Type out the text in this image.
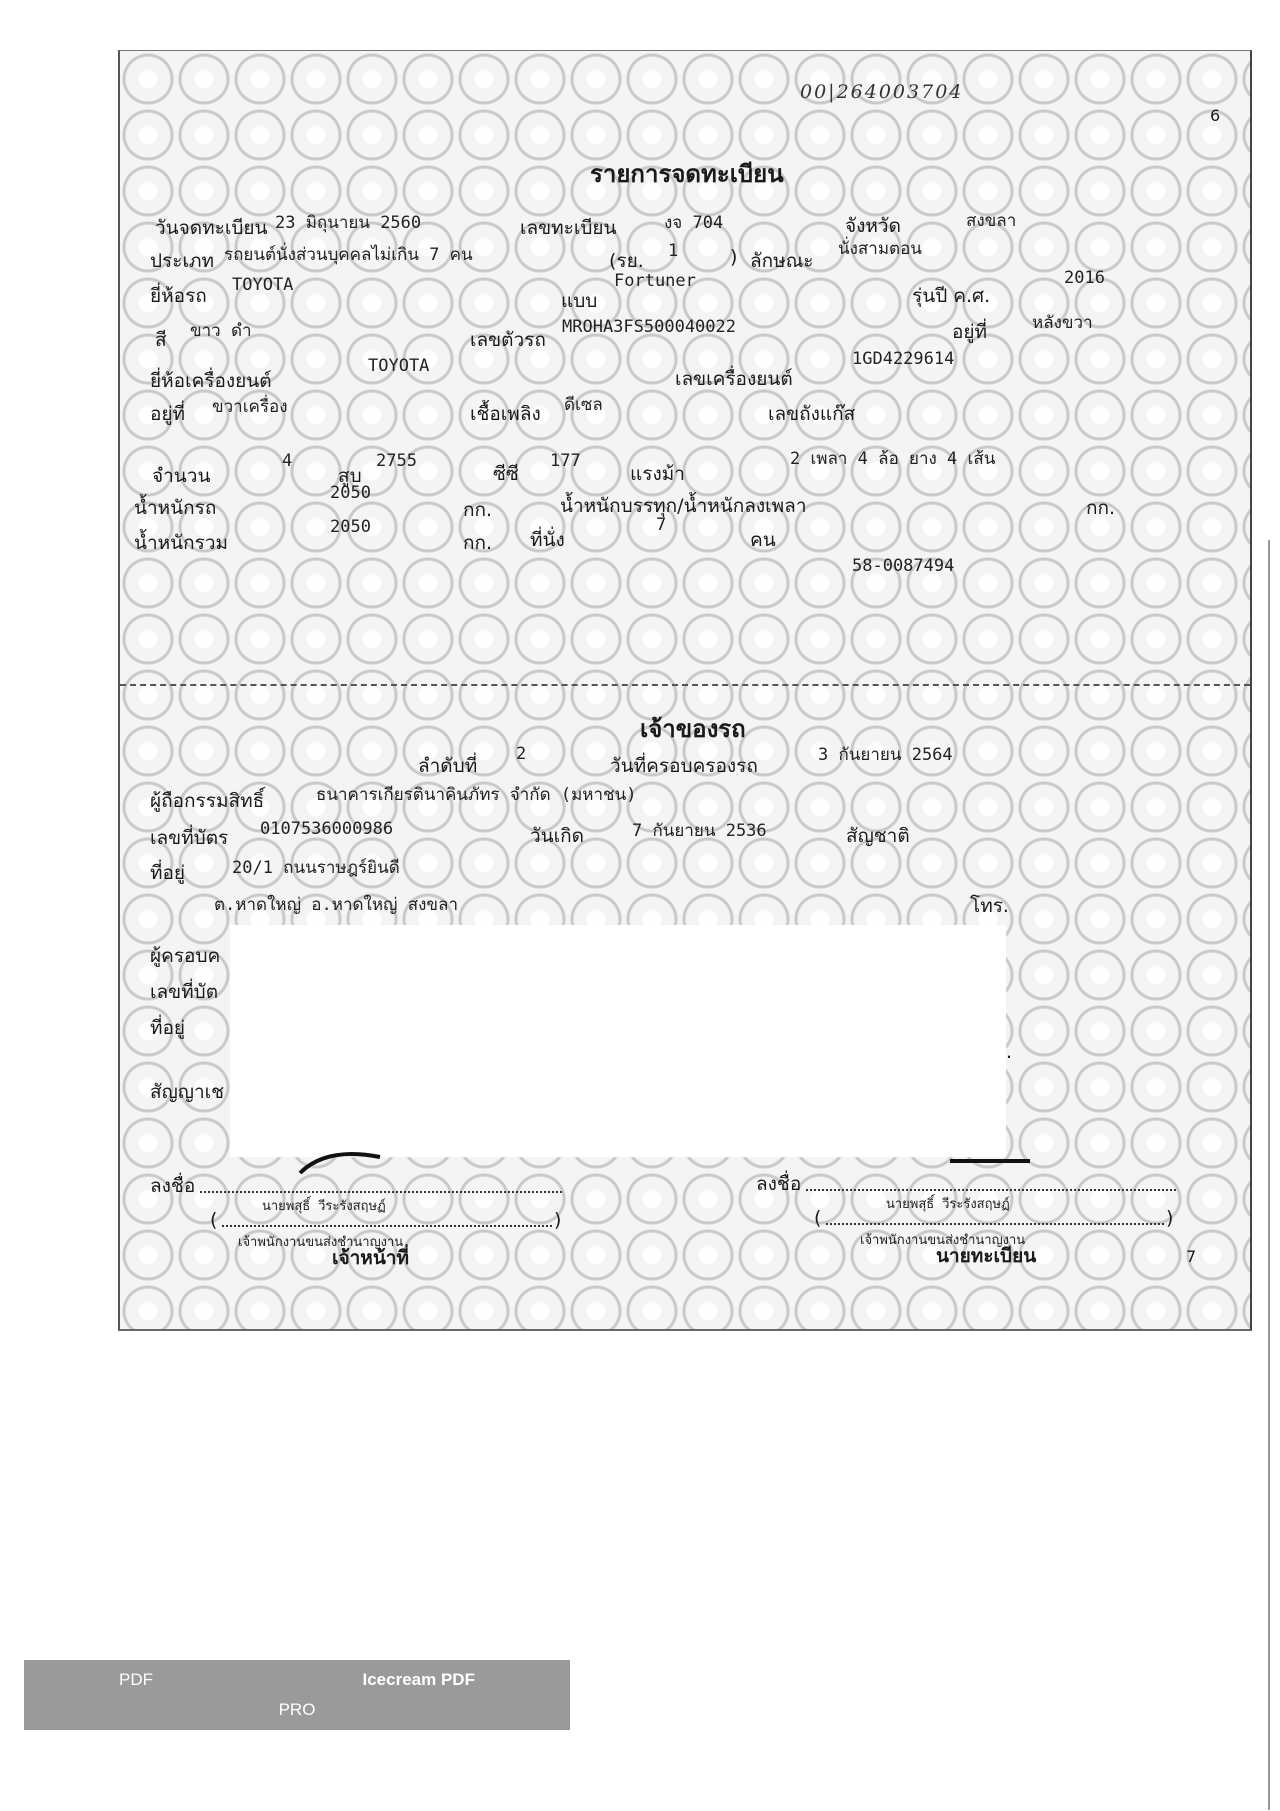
00|264003704
6
รายการจดทะเบียน
วันจดทะเบียน 23 มิถุนายน 2560	เลขทะเบียน	งจ 704	จังหวัด	สงขลา
ประเภท รถยนต์นั่งส่วนบุคคลไม่เกิน 7 คน	(รย. 1	) ลักษณะ
นั่งสามตอน
ยี่ห้อรถ TOYOTA
แบบ
Fortuner
รุ่นปี ค.ศ.
2016
สี ขาว ดำ	เลขตัวรถ
MROHA3FS500040022	อยู่ที่	หลังขวา
ยี่ห้อเครื่องยนต์
TOYOTA
เลขเครื่องยนต์
1GD4229614
อยู่ที่ ขวาเครื่อง	เชื้อเพลิง ดีเซล	เลขถังแก๊ส
จำนวน
4
สูบ
2755
ซีซี
177
แรงม้า
2 เพลา 4 ล้อ ยาง 4 เส้น
น้ำหนักรถ
2050
กก.	น้ำหนักบรรทุก/น้ำหนักลงเพลา	กก.
น้ำหนักรวม
2050
กก. ที่นั่ง
7
คน
58-0087494
เจ้าของรถ
ลำดับที่
2
วันที่ครอบครองรถ	3 กันยายน 2564
ผู้ถือกรรมสิทธิ์	ธนาคารเกียรตินาคินภัทร จำกัด (มหาชน)
เลขที่บัตร 0107536000986	วันเกิด	7 กันยายน 2536	สัญชาติ
ที่อยู่	20/1 ถนนราษฎร์ยินดี
ต.หาดใหญ่ อ.หาดใหญ่ สงขลา	โทร.
ผู้ครอบค
เลขที่บัต
ที่อยู่
สัญญาเช
.
ลงชื่อ
นายพสุธิ์ วีระรังสฤษฏ์
(	)
เจ้าพนักงานขนส่งชำนาญงาน
เจ้าหน้าที่
ลงชื่อ
นายพสุธิ์ วีระรังสฤษฏ์
(	)
เจ้าพนักงานขนส่งชำนาญงาน
นายทะเบียน	7
PDF	Icecream PDF
PRO
